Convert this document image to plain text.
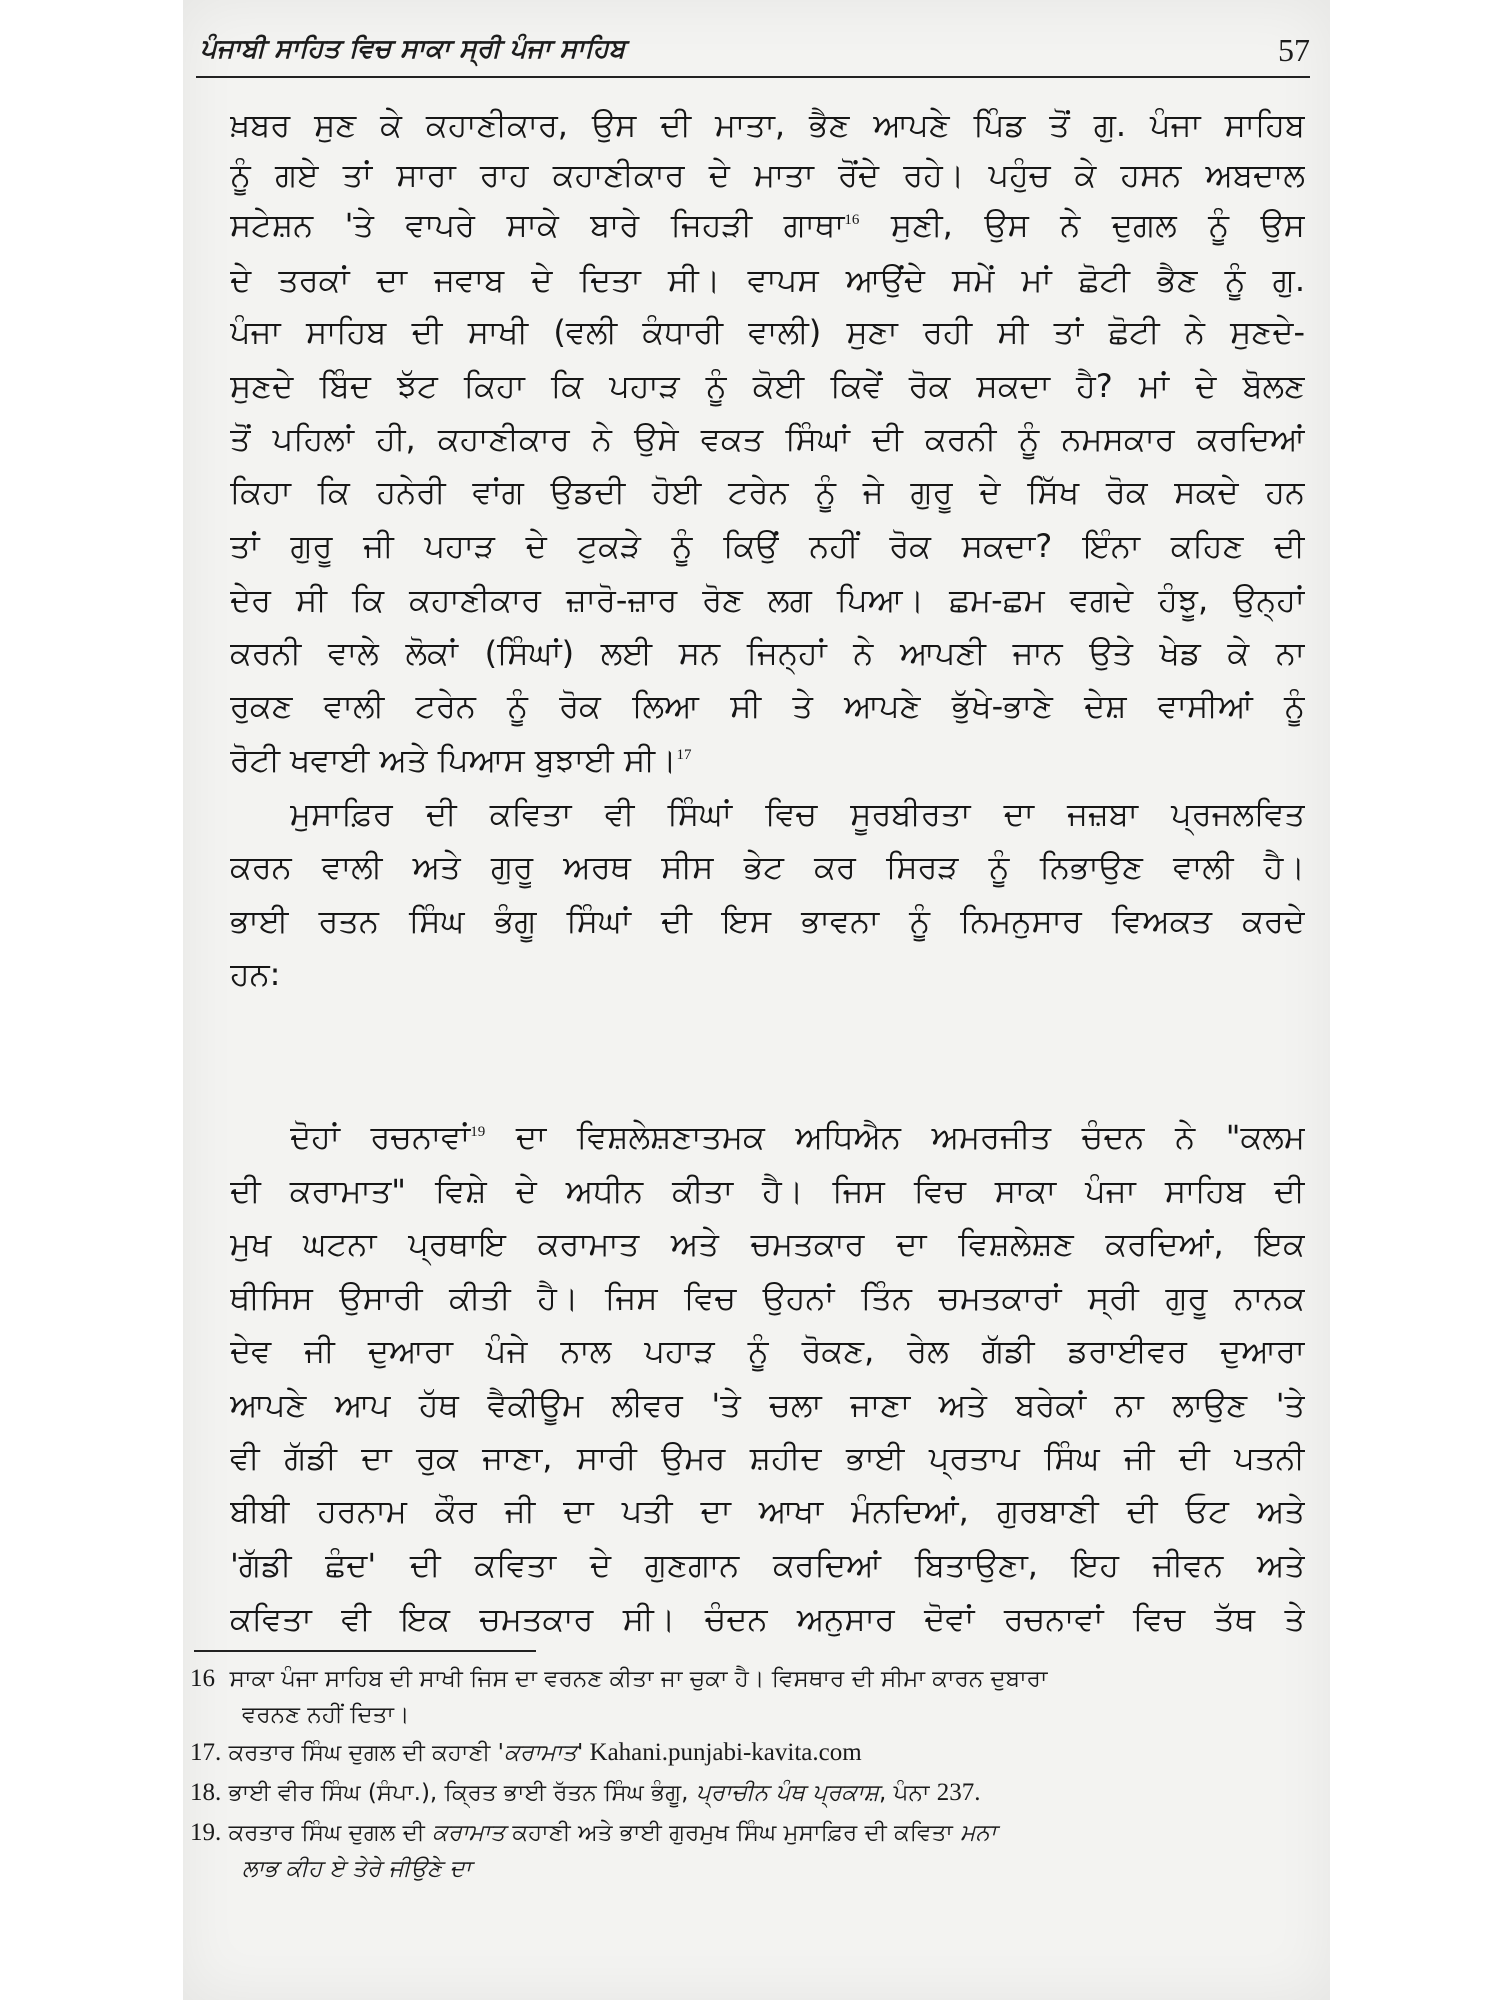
ਪੰਜਾਬੀ ਸਾਹਿਤ ਵਿਚ ਸਾਕਾ ਸ੍ਰੀ ਪੰਜਾ ਸਾਹਿਬ	57

ਖ਼ਬਰ ਸੁਣ ਕੇ ਕਹਾਣੀਕਾਰ, ਉਸ ਦੀ ਮਾਤਾ, ਭੈਣ ਆਪਣੇ ਪਿੰਡ ਤੋਂ ਗੁ. ਪੰਜਾ ਸਾਹਿਬ

ਨੂੰ ਗਏ ਤਾਂ ਸਾਰਾ ਰਾਹ ਕਹਾਣੀਕਾਰ ਦੇ ਮਾਤਾ ਰੋਂਦੇ ਰਹੇ। ਪਹੁੰਚ ਕੇ ਹਸਨ ਅਬਦਾਲ

ਸਟੇਸ਼ਨ 'ਤੇ ਵਾਪਰੇ ਸਾਕੇ ਬਾਰੇ ਜਿਹੜੀ ਗਾਥਾ$^{16}$ ਸੁਣੀ, ਉਸ ਨੇ ਦੁਗਲ ਨੂੰ ਉਸ

ਦੇ ਤਰਕਾਂ ਦਾ ਜਵਾਬ ਦੇ ਦਿਤਾ ਸੀ। ਵਾਪਸ ਆਉਂਦੇ ਸਮੇਂ ਮਾਂ ਛੋਟੀ ਭੈਣ ਨੂੰ ਗੁ.

ਪੰਜਾ ਸਾਹਿਬ ਦੀ ਸਾਖੀ (ਵਲੀ ਕੰਧਾਰੀ ਵਾਲੀ) ਸੁਣਾ ਰਹੀ ਸੀ ਤਾਂ ਛੋਟੀ ਨੇ ਸੁਣਦੇ-

ਸੁਣਦੇ ਬਿੰਦ ਝੱਟ ਕਿਹਾ ਕਿ ਪਹਾੜ ਨੂੰ ਕੋਈ ਕਿਵੇਂ ਰੋਕ ਸਕਦਾ ਹੈ? ਮਾਂ ਦੇ ਬੋਲਣ

ਤੋਂ ਪਹਿਲਾਂ ਹੀ, ਕਹਾਣੀਕਾਰ ਨੇ ਉਸੇ ਵਕਤ ਸਿੰਘਾਂ ਦੀ ਕਰਨੀ ਨੂੰ ਨਮਸਕਾਰ ਕਰਦਿਆਂ

ਕਿਹਾ ਕਿ ਹਨੇਰੀ ਵਾਂਗ ਉਡਦੀ ਹੋਈ ਟਰੇਨ ਨੂੰ ਜੇ ਗੁਰੂ ਦੇ ਸਿੱਖ ਰੋਕ ਸਕਦੇ ਹਨ

ਤਾਂ ਗੁਰੂ ਜੀ ਪਹਾੜ ਦੇ ਟੁਕੜੇ ਨੂੰ ਕਿਉਂ ਨਹੀਂ ਰੋਕ ਸਕਦਾ? ਇੰਨਾ ਕਹਿਣ ਦੀ

ਦੇਰ ਸੀ ਕਿ ਕਹਾਣੀਕਾਰ ਜ਼ਾਰੋ-ਜ਼ਾਰ ਰੋਣ ਲਗ ਪਿਆ। ਛਮ-ਛਮ ਵਗਦੇ ਹੰਝੂ, ਉਨ੍ਹਾਂ

ਕਰਨੀ ਵਾਲੇ ਲੋਕਾਂ (ਸਿੰਘਾਂ) ਲਈ ਸਨ ਜਿਨ੍ਹਾਂ ਨੇ ਆਪਣੀ ਜਾਨ ਉਤੇ ਖੇਡ ਕੇ ਨਾ

ਰੁਕਣ ਵਾਲੀ ਟਰੇਨ ਨੂੰ ਰੋਕ ਲਿਆ ਸੀ ਤੇ ਆਪਣੇ ਭੁੱਖੇ-ਭਾਣੇ ਦੇਸ਼ ਵਾਸੀਆਂ ਨੂੰ

ਰੋਟੀ ਖਵਾਈ ਅਤੇ ਪਿਆਸ ਬੁਝਾਈ ਸੀ।$^{17}$

ਮੁਸਾਫ਼ਿਰ ਦੀ ਕਵਿਤਾ ਵੀ ਸਿੰਘਾਂ ਵਿਚ ਸੂਰਬੀਰਤਾ ਦਾ ਜਜ਼ਬਾ ਪ੍ਰਜਲਵਿਤ

ਕਰਨ ਵਾਲੀ ਅਤੇ ਗੁਰੂ ਅਰਥ ਸੀਸ ਭੇਟ ਕਰ ਸਿਰੜ ਨੂੰ ਨਿਭਾਉਣ ਵਾਲੀ ਹੈ।

ਭਾਈ ਰਤਨ ਸਿੰਘ ਭੰਗੂ ਸਿੰਘਾਂ ਦੀ ਇਸ ਭਾਵਨਾ ਨੂੰ ਨਿਮਨੁਸਾਰ ਵਿਅਕਤ ਕਰਦੇ

ਹਨ:

ਦੋਹਾਂ ਰਚਨਾਵਾਂ$^{19}$ ਦਾ ਵਿਸ਼ਲੇਸ਼ਣਾਤਮਕ ਅਧਿਐਨ ਅਮਰਜੀਤ ਚੰਦਨ ਨੇ "ਕਲਮ

ਦੀ ਕਰਾਮਾਤ" ਵਿਸ਼ੇ ਦੇ ਅਧੀਨ ਕੀਤਾ ਹੈ। ਜਿਸ ਵਿਚ ਸਾਕਾ ਪੰਜਾ ਸਾਹਿਬ ਦੀ

ਮੁਖ ਘਟਨਾ ਪ੍ਰਥਾਇ ਕਰਾਮਾਤ ਅਤੇ ਚਮਤਕਾਰ ਦਾ ਵਿਸ਼ਲੇਸ਼ਣ ਕਰਦਿਆਂ, ਇਕ

ਥੀਸਿਸ ਉਸਾਰੀ ਕੀਤੀ ਹੈ। ਜਿਸ ਵਿਚ ਉਹਨਾਂ ਤਿੰਨ ਚਮਤਕਾਰਾਂ ਸ੍ਰੀ ਗੁਰੂ ਨਾਨਕ

ਦੇਵ ਜੀ ਦੁਆਰਾ ਪੰਜੇ ਨਾਲ ਪਹਾੜ ਨੂੰ ਰੋਕਣ, ਰੇਲ ਗੱਡੀ ਡਰਾਈਵਰ ਦੁਆਰਾ

ਆਪਣੇ ਆਪ ਹੱਥ ਵੈਕੀਊਮ ਲੀਵਰ 'ਤੇ ਚਲਾ ਜਾਣਾ ਅਤੇ ਬਰੇਕਾਂ ਨਾ ਲਾਉਣ 'ਤੇ

ਵੀ ਗੱਡੀ ਦਾ ਰੁਕ ਜਾਣਾ, ਸਾਰੀ ਉਮਰ ਸ਼ਹੀਦ ਭਾਈ ਪ੍ਰਤਾਪ ਸਿੰਘ ਜੀ ਦੀ ਪਤਨੀ

ਬੀਬੀ ਹਰਨਾਮ ਕੌਰ ਜੀ ਦਾ ਪਤੀ ਦਾ ਆਖਾ ਮੰਨਦਿਆਂ, ਗੁਰਬਾਣੀ ਦੀ ਓਟ ਅਤੇ

'ਗੱਡੀ ਛੰਦ' ਦੀ ਕਵਿਤਾ ਦੇ ਗੁਣਗਾਨ ਕਰਦਿਆਂ ਬਿਤਾਉਣਾ, ਇਹ ਜੀਵਨ ਅਤੇ

ਕਵਿਤਾ ਵੀ ਇਕ ਚਮਤਕਾਰ ਸੀ। ਚੰਦਨ ਅਨੁਸਾਰ ਦੋਵਾਂ ਰਚਨਾਵਾਂ ਵਿਚ ਤੱਥ ਤੇ

16 ਸਾਕਾ ਪੰਜਾ ਸਾਹਿਬ ਦੀ ਸਾਖੀ ਜਿਸ ਦਾ ਵਰਨਣ ਕੀਤਾ ਜਾ ਚੁਕਾ ਹੈ। ਵਿਸਥਾਰ ਦੀ ਸੀਮਾ ਕਾਰਨ ਦੁਬਾਰਾ

ਵਰਨਣ ਨਹੀਂ ਦਿਤਾ।

17. ਕਰਤਾਰ ਸਿੰਘ ਦੁਗਲ ਦੀ ਕਹਾਣੀ 'ਕਰਾਮਾਤ' Kahani.punjabi-kavita.com

18. ਭਾਈ ਵੀਰ ਸਿੰਘ (ਸੰਪਾ.), ਕ੍ਰਿਤ ਭਾਈ ਰੱਤਨ ਸਿੰਘ ਭੰਗੂ, ਪ੍ਰਾਚੀਨ ਪੰਥ ਪ੍ਰਕਾਸ਼, ਪੰਨਾ 237.

19. ਕਰਤਾਰ ਸਿੰਘ ਦੁਗਲ ਦੀ ਕਰਾਮਾਤ ਕਹਾਣੀ ਅਤੇ ਭਾਈ ਗੁਰਮੁਖ ਸਿੰਘ ਮੁਸਾਫ਼ਿਰ ਦੀ ਕਵਿਤਾ ਮਨਾ

ਲਾਭ ਕੀਹ ਏ ਤੇਰੇ ਜੀਉਣੇ ਦਾ
